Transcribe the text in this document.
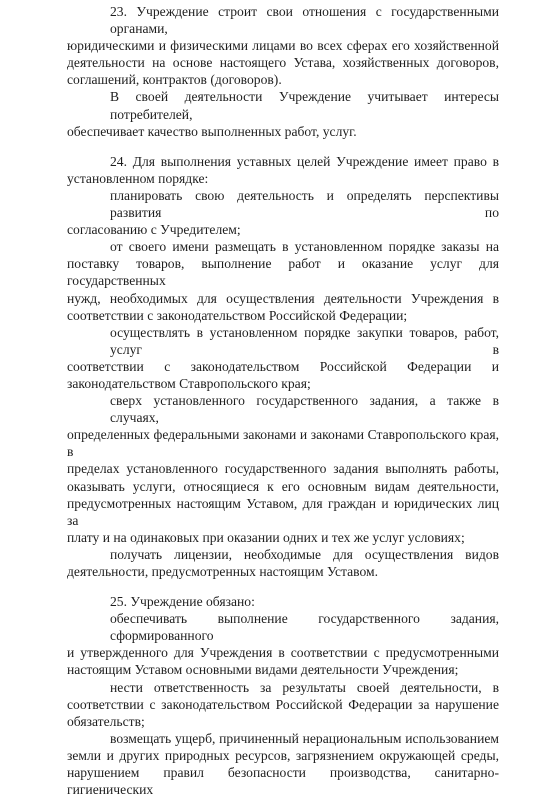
23. Учреждение строит свои отношения с государственными органами,
юридическими и физическими лицами во всех сферах его хозяйственной
деятельности на основе настоящего Устава, хозяйственных договоров,
соглашений, контрактов (договоров).
В своей деятельности Учреждение учитывает интересы потребителей,
обеспечивает качество выполненных работ, услуг.
24. Для выполнения уставных целей Учреждение имеет право в
установленном порядке:
планировать свою деятельность и определять перспективы развития по
согласованию с Учредителем;
от своего имени размещать в установленном порядке заказы на
поставку товаров, выполнение работ и оказание услуг для государственных
нужд, необходимых для осуществления деятельности Учреждения в
соответствии с законодательством Российской Федерации;
осуществлять в установленном порядке закупки товаров, работ, услуг в
соответствии с законодательством Российской Федерации и
законодательством Ставропольского края;
сверх установленного государственного задания, а также в случаях,
определенных федеральными законами и законами Ставропольского края, в
пределах установленного государственного задания выполнять работы,
оказывать услуги, относящиеся к его основным видам деятельности,
предусмотренных настоящим Уставом, для граждан и юридических лиц за
плату и на одинаковых при оказании одних и тех же услуг условиях;
получать лицензии, необходимые для осуществления видов
деятельности, предусмотренных настоящим Уставом.
25. Учреждение обязано:
обеспечивать выполнение государственного задания, сформированного
и утвержденного для Учреждения в соответствии с предусмотренными
настоящим Уставом основными видами деятельности Учреждения;
нести ответственность за результаты своей деятельности, в
соответствии с законодательством Российской Федерации за нарушение
обязательств;
возмещать ущерб, причиненный нерациональным использованием
земли и других природных ресурсов, загрязнением окружающей среды,
нарушением правил безопасности производства, санитарно-гигиенических
